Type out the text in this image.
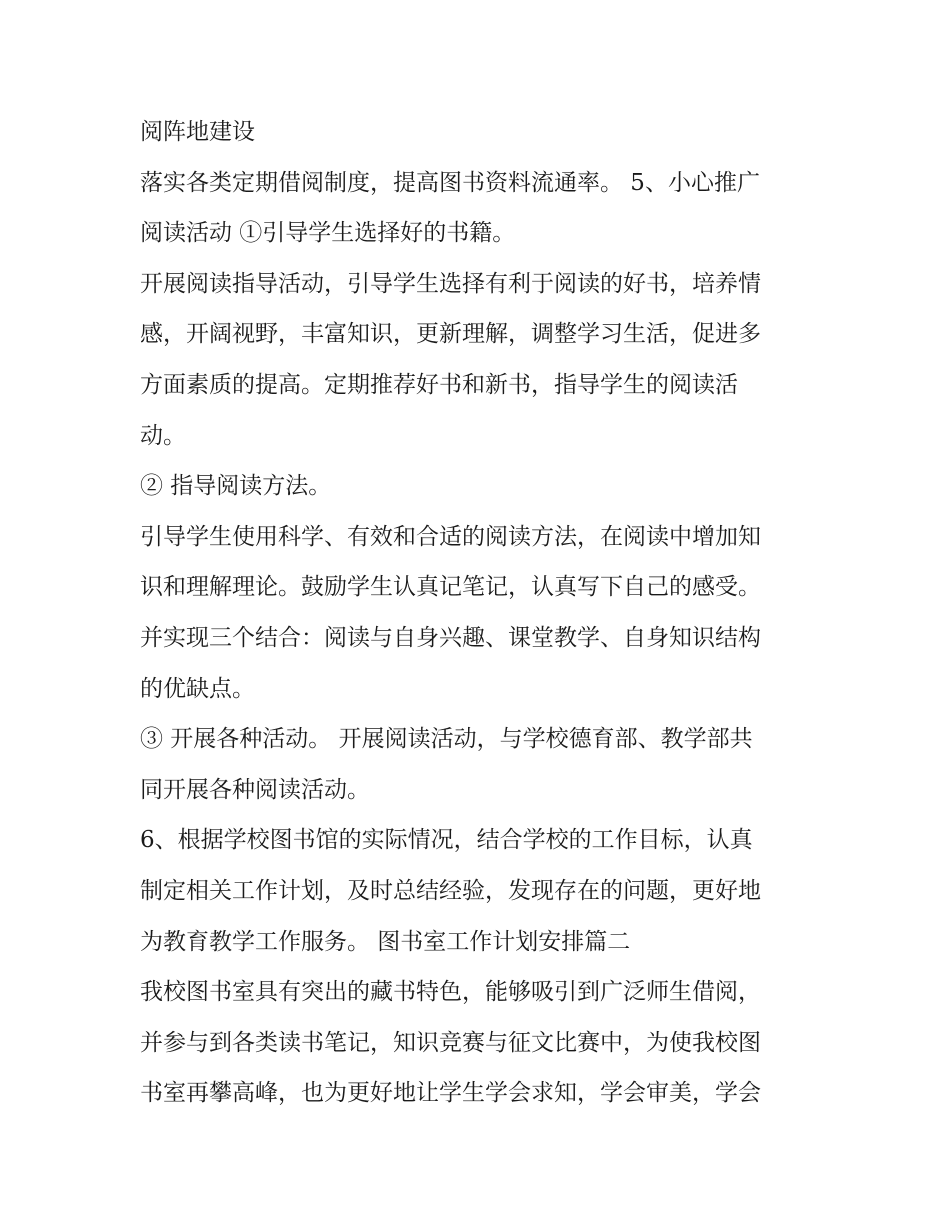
阅阵地建设
落实各类定期借阅制度，提高图书资料流通率。 5、小心推广
阅读活动 ①引导学生选择好的书籍。
开展阅读指导活动，引导学生选择有利于阅读的好书，培养情
感，开阔视野，丰富知识，更新理解，调整学习生活，促进多
方面素质的提高。定期推荐好书和新书，指导学生的阅读活
动。
② 指导阅读方法。
引导学生使用科学、有效和合适的阅读方法，在阅读中增加知
识和理解理论。鼓励学生认真记笔记，认真写下自己的感受。
并实现三个结合：阅读与自身兴趣、课堂教学、自身知识结构
的优缺点。
③ 开展各种活动。 开展阅读活动，与学校德育部、教学部共
同开展各种阅读活动。
6、根据学校图书馆的实际情况，结合学校的工作目标，认真
制定相关工作计划，及时总结经验，发现存在的问题，更好地
为教育教学工作服务。 图书室工作计划安排篇二
我校图书室具有突出的藏书特色，能够吸引到广泛师生借阅，
并参与到各类读书笔记，知识竞赛与征文比赛中，为使我校图
书室再攀高峰，也为更好地让学生学会求知，学会审美，学会
